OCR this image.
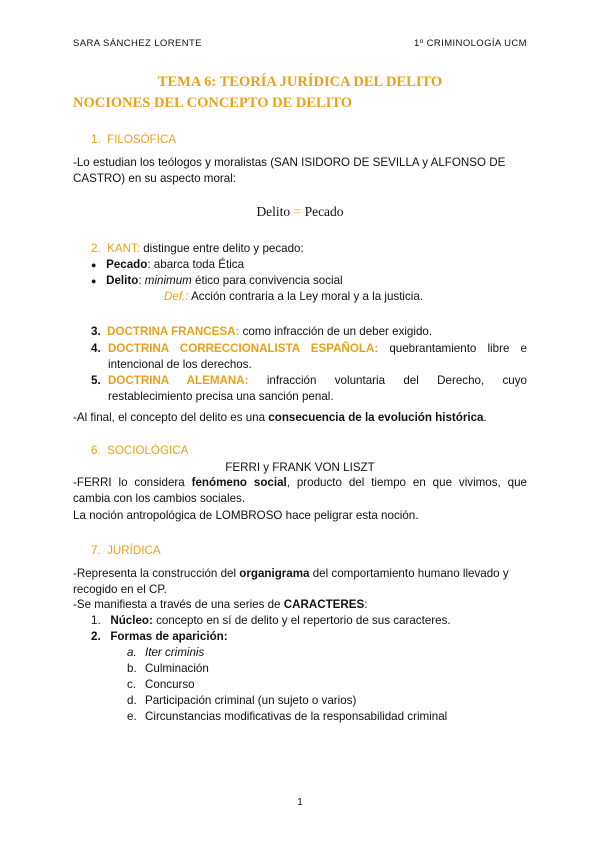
SARA SÁNCHEZ LORENTE	1º CRIMINOLOGÍA UCM
TEMA 6: TEORÍA JURÍDICA DEL DELITO
NOCIONES DEL CONCEPTO DE DELITO
1. FILOSÓFICA
-Lo estudian los teólogos y moralistas (SAN ISIDORO DE SEVILLA y ALFONSO DE
CASTRO) en su aspecto moral:
Delito = Pecado
2. KANT: distingue entre delito y pecado:
● Pecado: abarca toda Ética
● Delito: minimum ético para convivencia social
Def.: Acción contraria a la Ley moral y a la justicia.
3. DOCTRINA FRANCESA: como infracción de un deber exigido.
4. DOCTRINA CORRECCIONALISTA ESPAÑOLA: quebrantamiento libre e
intencional de los derechos.
5. DOCTRINA ALEMANA: infracción voluntaria del Derecho, cuyo
restablecimiento precisa una sanción penal.
-Al final, el concepto del delito es una consecuencia de la evolución histórica.
6. SOCIOLÓGICA
FERRI y FRANK VON LISZT
-FERRI lo considera fenómeno social, producto del tiempo en que vivimos, que
cambia con los cambios sociales.
La noción antropológica de LOMBROSO hace peligrar esta noción.
7. JURÍDICA
-Representa la construcción del organigrama del comportamiento humano llevado y
recogido en el CP.
-Se manifiesta a través de una series de CARACTERES:
1. Núcleo: concepto en sí de delito y el repertorio de sus caracteres.
2. Formas de aparición:
a. Iter criminis
b. Culminación
c. Concurso
d. Participación criminal (un sujeto o varios)
e. Circunstancias modificativas de la responsabilidad criminal
1
